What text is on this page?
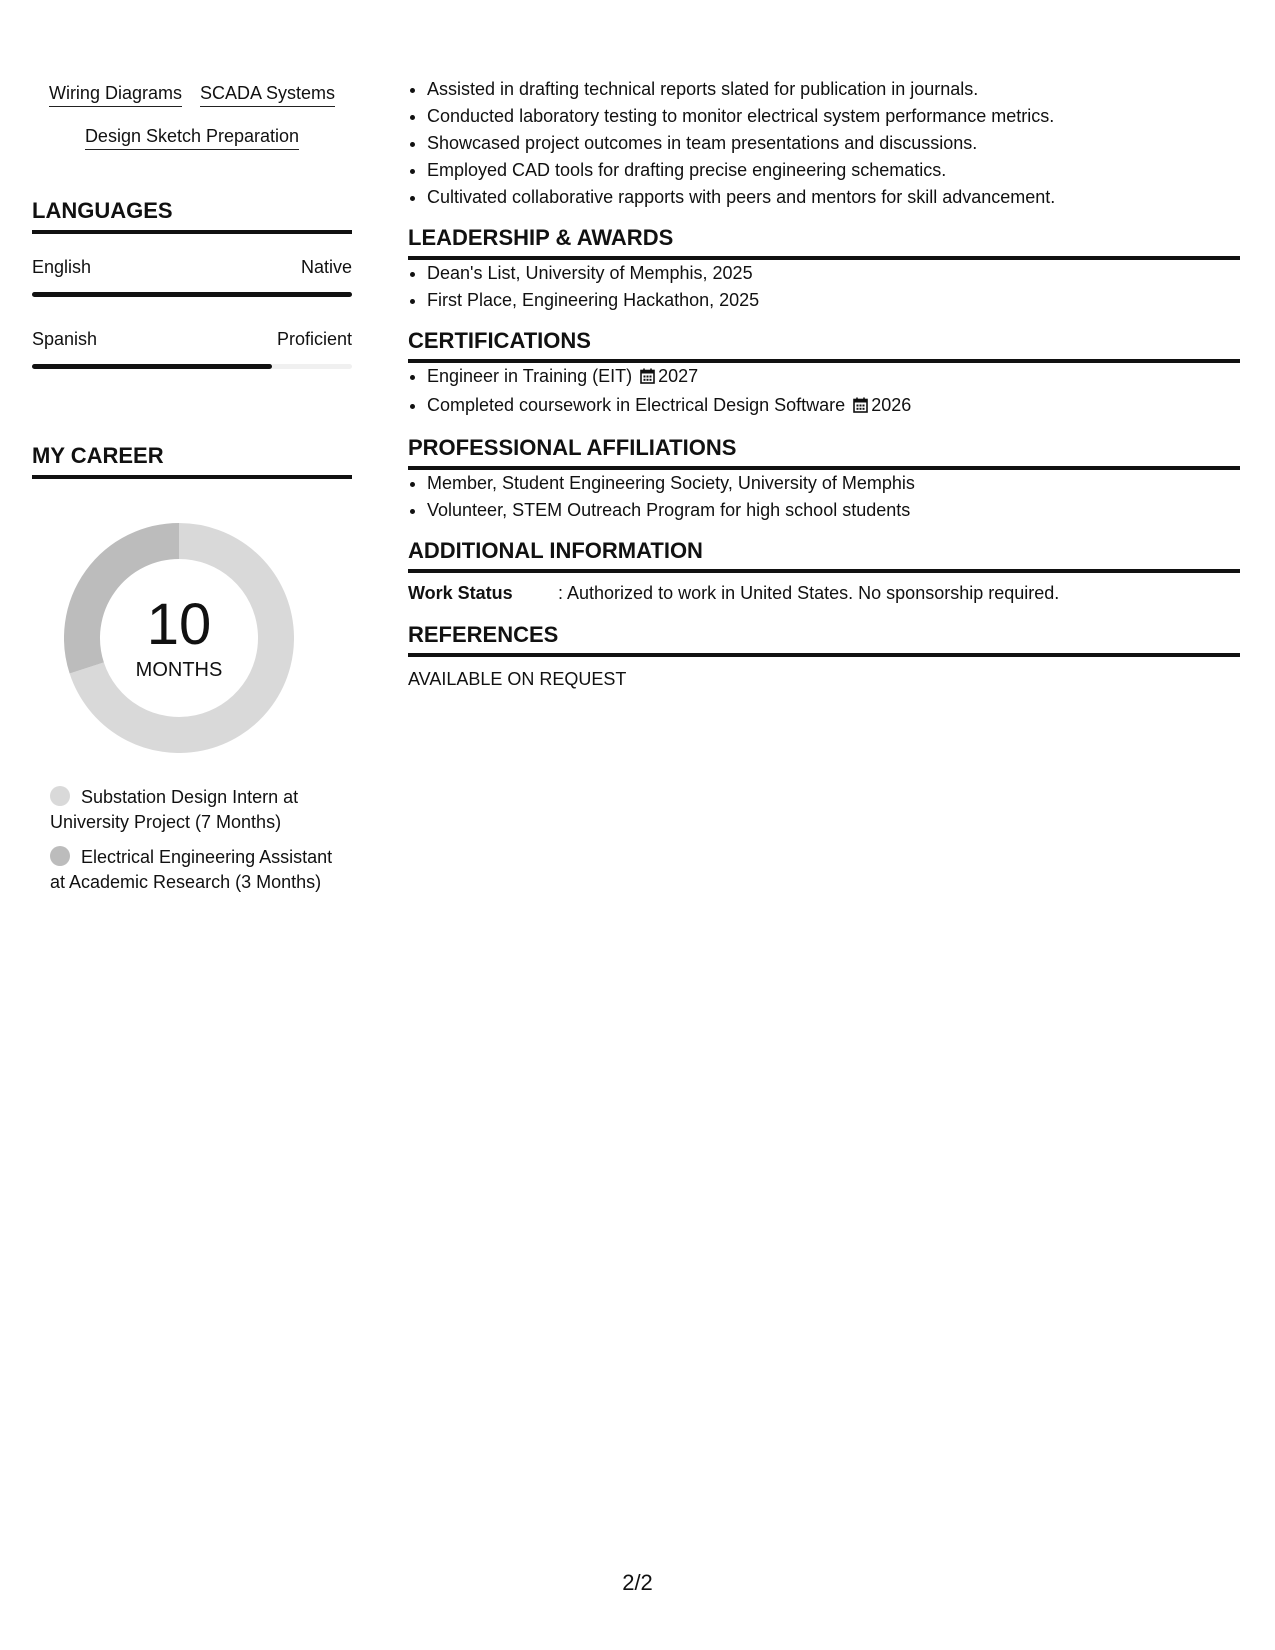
Wiring Diagrams SCADA Systems
Design Sketch Preparation
LANGUAGES
English	Native
Spanish	Proficient
MY CAREER
10
MONTHS
Substation Design Intern at University Project (7 Months)
Electrical Engineering Assistant at Academic Research (3 Months)
• Assisted in drafting technical reports slated for publication in journals.
• Conducted laboratory testing to monitor electrical system performance metrics.
• Showcased project outcomes in team presentations and discussions.
• Employed CAD tools for drafting precise engineering schematics.
• Cultivated collaborative rapports with peers and mentors for skill advancement.
LEADERSHIP & AWARDS
• Dean's List, University of Memphis, 2025
• First Place, Engineering Hackathon, 2025
CERTIFICATIONS
• Engineer in Training (EIT) 2027
• Completed coursework in Electrical Design Software 2026
PROFESSIONAL AFFILIATIONS
• Member, Student Engineering Society, University of Memphis
• Volunteer, STEM Outreach Program for high school students
ADDITIONAL INFORMATION
Work Status	: Authorized to work in United States. No sponsorship required.
REFERENCES
AVAILABLE ON REQUEST
2/2
